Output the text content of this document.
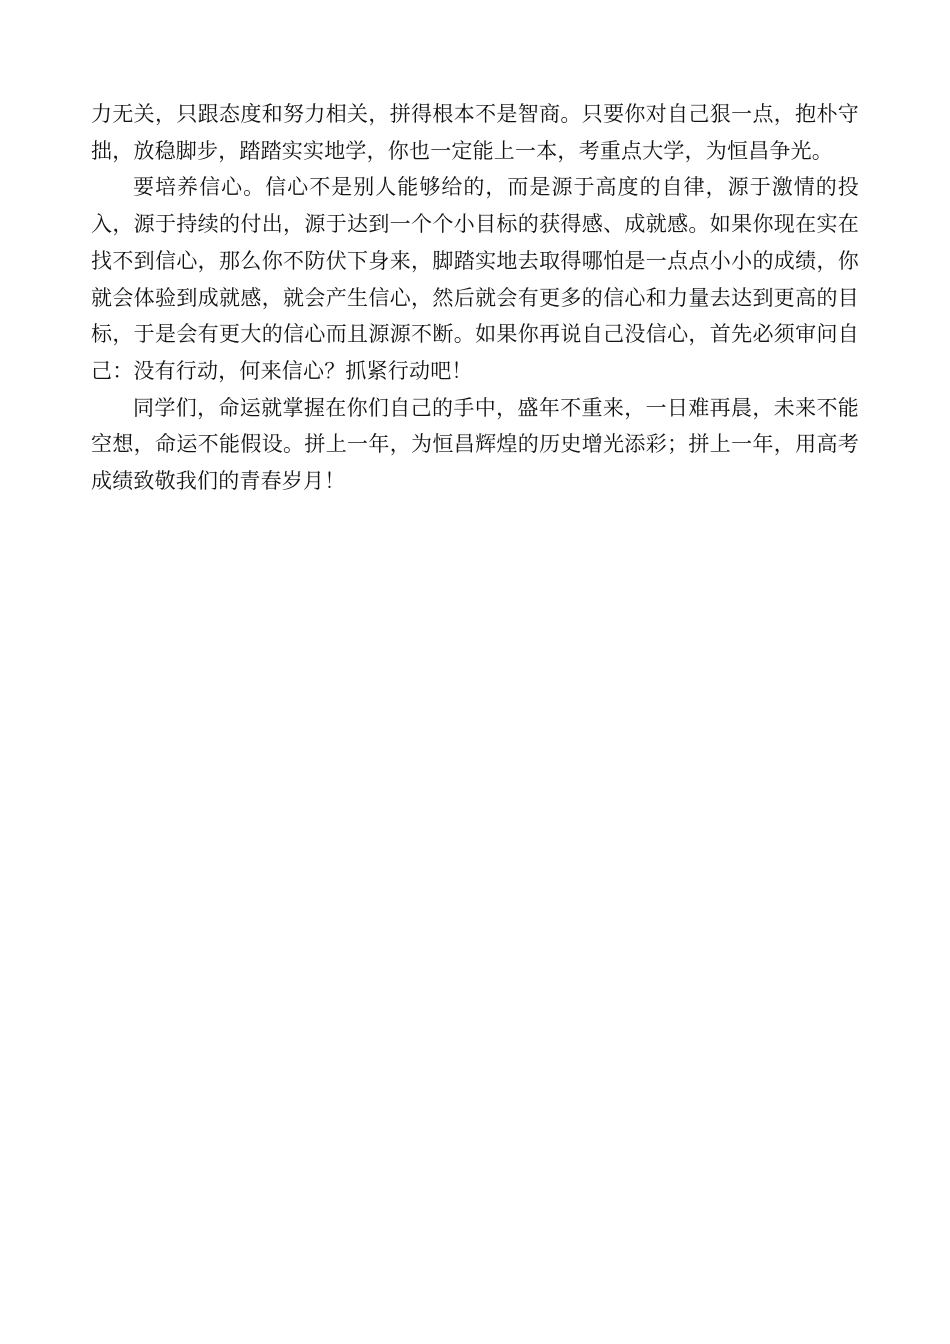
力无关，只跟态度和努力相关，拼得根本不是智商。只要你对自己狠一点，抱朴守拙，放稳脚步，踏踏实实地学，你也一定能上一本，考重点大学，为恒昌争光。

要培养信心。信心不是别人能够给的，而是源于高度的自律，源于激情的投入，源于持续的付出，源于达到一个个小目标的获得感、成就感。如果你现在实在找不到信心，那么你不防伏下身来，脚踏实地去取得哪怕是一点点小小的成绩，你就会体验到成就感，就会产生信心，然后就会有更多的信心和力量去达到更高的目标，于是会有更大的信心而且源源不断。如果你再说自己没信心，首先必须审问自己：没有行动，何来信心？抓紧行动吧！

同学们，命运就掌握在你们自己的手中，盛年不重来，一日难再晨，未来不能空想，命运不能假设。拼上一年，为恒昌辉煌的历史增光添彩；拼上一年，用高考成绩致敬我们的青春岁月！
